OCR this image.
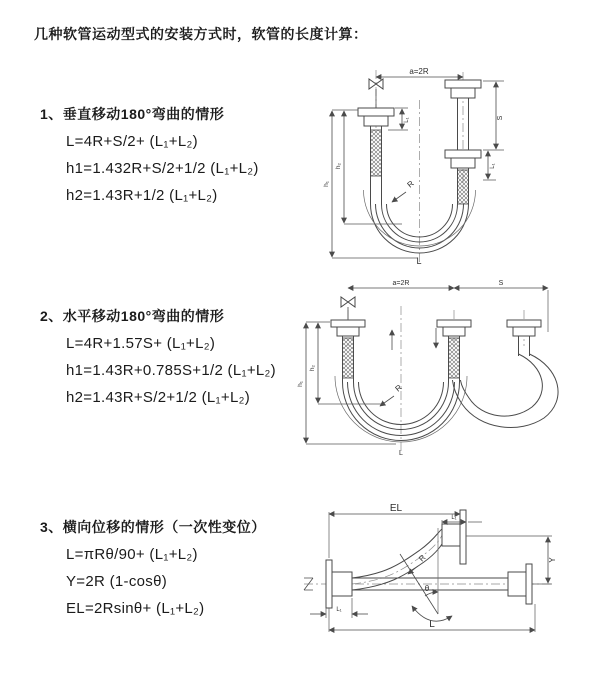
几种软管运动型式的安装方式时，软管的长度计算：
1、垂直移动180°弯曲的情形
L=4R+S/2+ (L₁+L₂)
h1=1.432R+S/2+1/2 (L₁+L₂)
h2=1.43R+1/2 (L₁+L₂)
2、水平移动180°弯曲的情形
L=4R+1.57S+ (L₁+L₂)
h1=1.43R+0.785S+1/2 (L₁+L₂)
h2=1.43R+S/2+1/2 (L₁+L₂)
3、横向位移的情形（一次性变位）
L=πRθ/90+ (L₁+L₂)
Y=2R (1-cosθ)
EL=2Rsinθ+ (L₁+L₂)
a=2R
S
L₁
L₁
h₁
h₂
R
L
a=2R	S
h₁
h₂
R
L
EL
L₁
Y
L
L₁
R
θ
